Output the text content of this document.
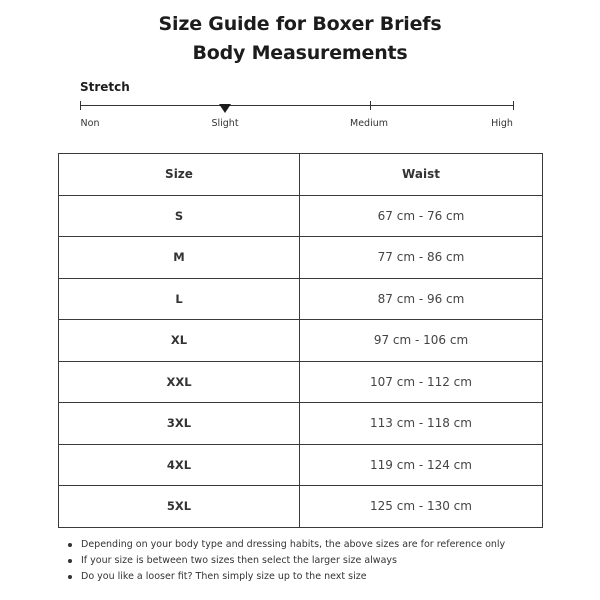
Size Guide for Boxer Briefs
Body Measurements
Stretch
Non	Slight	Medium	High
Size	Waist
S	67 cm - 76 cm
M	77 cm - 86 cm
L	87 cm - 96 cm
XL	97 cm - 106 cm
XXL	107 cm - 112 cm
3XL	113 cm - 118 cm
4XL	119 cm - 124 cm
5XL	125 cm - 130 cm
Depending on your body type and dressing habits, the above sizes are for reference only
If your size is between two sizes then select the larger size always
Do you like a looser fit? Then simply size up to the next size
